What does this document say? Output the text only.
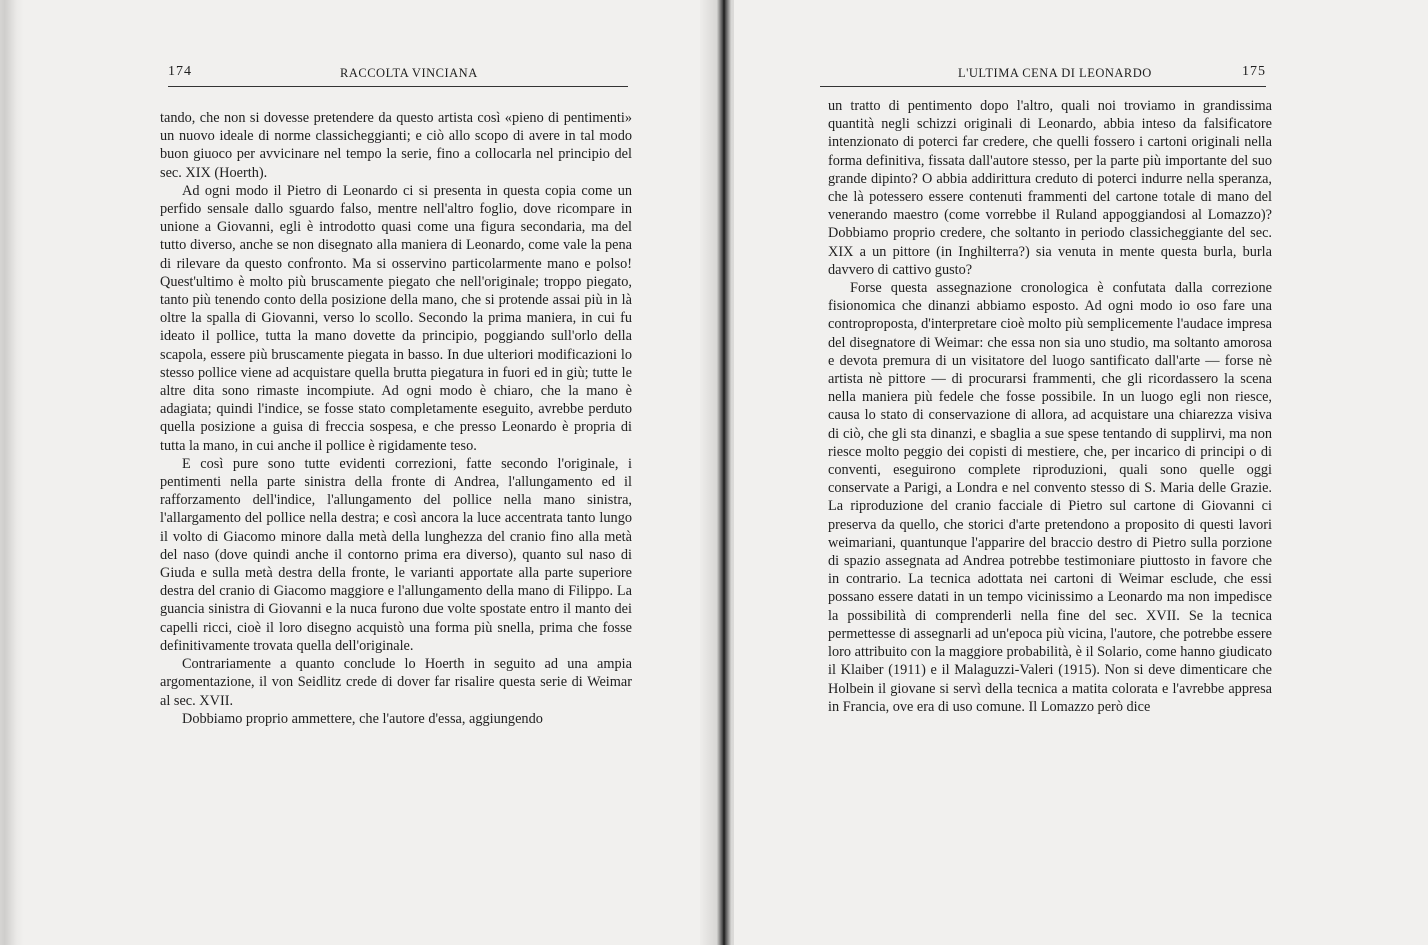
174	RACCOLTA VINCIANA

tando, che non si dovesse pretendere da questo artista così «pieno di pentimenti» un nuovo ideale di norme classicheggianti; e ciò allo scopo di avere in tal modo buon giuoco per avvicinare nel tempo la serie, fino a collocarla nel principio del sec. XIX (Hoerth).

Ad ogni modo il Pietro di Leonardo ci si presenta in questa copia come un perfido sensale dallo sguardo falso, mentre nell'altro foglio, dove ricompare in unione a Giovanni, egli è introdotto quasi come una figura secondaria, ma del tutto diverso, anche se non disegnato alla maniera di Leonardo, come vale la pena di rilevare da questo confronto. Ma si osservino particolarmente mano e polso! Quest'ultimo è molto più bruscamente piegato che nell'originale; troppo piegato, tanto più tenendo conto della posizione della mano, che si protende assai più in là oltre la spalla di Giovanni, verso lo scollo. Secondo la prima maniera, in cui fu ideato il pollice, tutta la mano dovette da principio, poggiando sull'orlo della scapola, essere più bruscamente piegata in basso. In due ulteriori modificazioni lo stesso pollice viene ad acquistare quella brutta piegatura in fuori ed in giù; tutte le altre dita sono rimaste incompiute. Ad ogni modo è chiaro, che la mano è adagiata; quindi l'indice, se fosse stato completamente eseguito, avrebbe perduto quella posizione a guisa di freccia sospesa, e che presso Leonardo è propria di tutta la mano, in cui anche il pollice è rigidamente teso.

E così pure sono tutte evidenti correzioni, fatte secondo l'originale, i pentimenti nella parte sinistra della fronte di Andrea, l'allungamento ed il rafforzamento dell'indice, l'allungamento del pollice nella mano sinistra, l'allargamento del pollice nella destra; e così ancora la luce accentrata tanto lungo il volto di Giacomo minore dalla metà della lunghezza del cranio fino alla metà del naso (dove quindi anche il contorno prima era diverso), quanto sul naso di Giuda e sulla metà destra della fronte, le varianti apportate alla parte superiore destra del cranio di Giacomo maggiore e l'allungamento della mano di Filippo. La guancia sinistra di Giovanni e la nuca furono due volte spostate entro il manto dei capelli ricci, cioè il loro disegno acquistò una forma più snella, prima che fosse definitivamente trovata quella dell'originale.

Contrariamente a quanto conclude lo Hoerth in seguito ad una ampia argomentazione, il von Seidlitz crede di dover far risalire questa serie di Weimar al sec. XVII.

Dobbiamo proprio ammettere, che l'autore d'essa, aggiungendo

L'ULTIMA CENA DI LEONARDO	175

un tratto di pentimento dopo l'altro, quali noi troviamo in grandissima quantità negli schizzi originali di Leonardo, abbia inteso da falsificatore intenzionato di poterci far credere, che quelli fossero i cartoni originali nella forma definitiva, fissata dall'autore stesso, per la parte più importante del suo grande dipinto? O abbia addirittura creduto di poterci indurre nella speranza, che là potessero essere contenuti frammenti del cartone totale di mano del venerando maestro (come vorrebbe il Ruland appoggiandosi al Lomazzo)? Dobbiamo proprio credere, che soltanto in periodo classicheggiante del sec. XIX a un pittore (in Inghilterra?) sia venuta in mente questa burla, burla davvero di cattivo gusto?

Forse questa assegnazione cronologica è confutata dalla correzione fisionomica che dinanzi abbiamo esposto. Ad ogni modo io oso fare una controproposta, d'interpretare cioè molto più semplicemente l'audace impresa del disegnatore di Weimar: che essa non sia uno studio, ma soltanto amorosa e devota premura di un visitatore del luogo santificato dall'arte — forse nè artista nè pittore — di procurarsi frammenti, che gli ricordassero la scena nella maniera più fedele che fosse possibile. In un luogo egli non riesce, causa lo stato di conservazione di allora, ad acquistare una chiarezza visiva di ciò, che gli sta dinanzi, e sbaglia a sue spese tentando di supplirvi, ma non riesce molto peggio dei copisti di mestiere, che, per incarico di principi o di conventi, eseguirono complete riproduzioni, quali sono quelle oggi conservate a Parigi, a Londra e nel convento stesso di S. Maria delle Grazie. La riproduzione del cranio facciale di Pietro sul cartone di Giovanni ci preserva da quello, che storici d'arte pretendono a proposito di questi lavori weimariani, quantunque l'apparire del braccio destro di Pietro sulla porzione di spazio assegnata ad Andrea potrebbe testimoniare piuttosto in favore che in contrario. La tecnica adottata nei cartoni di Weimar esclude, che essi possano essere datati in un tempo vicinissimo a Leonardo ma non impedisce la possibilità di comprenderli nella fine del sec. XVII. Se la tecnica permettesse di assegnarli ad un'epoca più vicina, l'autore, che potrebbe essere loro attribuito con la maggiore probabilità, è il Solario, come hanno giudicato il Klaiber (1911) e il Malaguzzi-Valeri (1915). Non si deve dimenticare che Holbein il giovane si servì della tecnica a matita colorata e l'avrebbe appresa in Francia, ove era di uso comune. Il Lomazzo però dice
